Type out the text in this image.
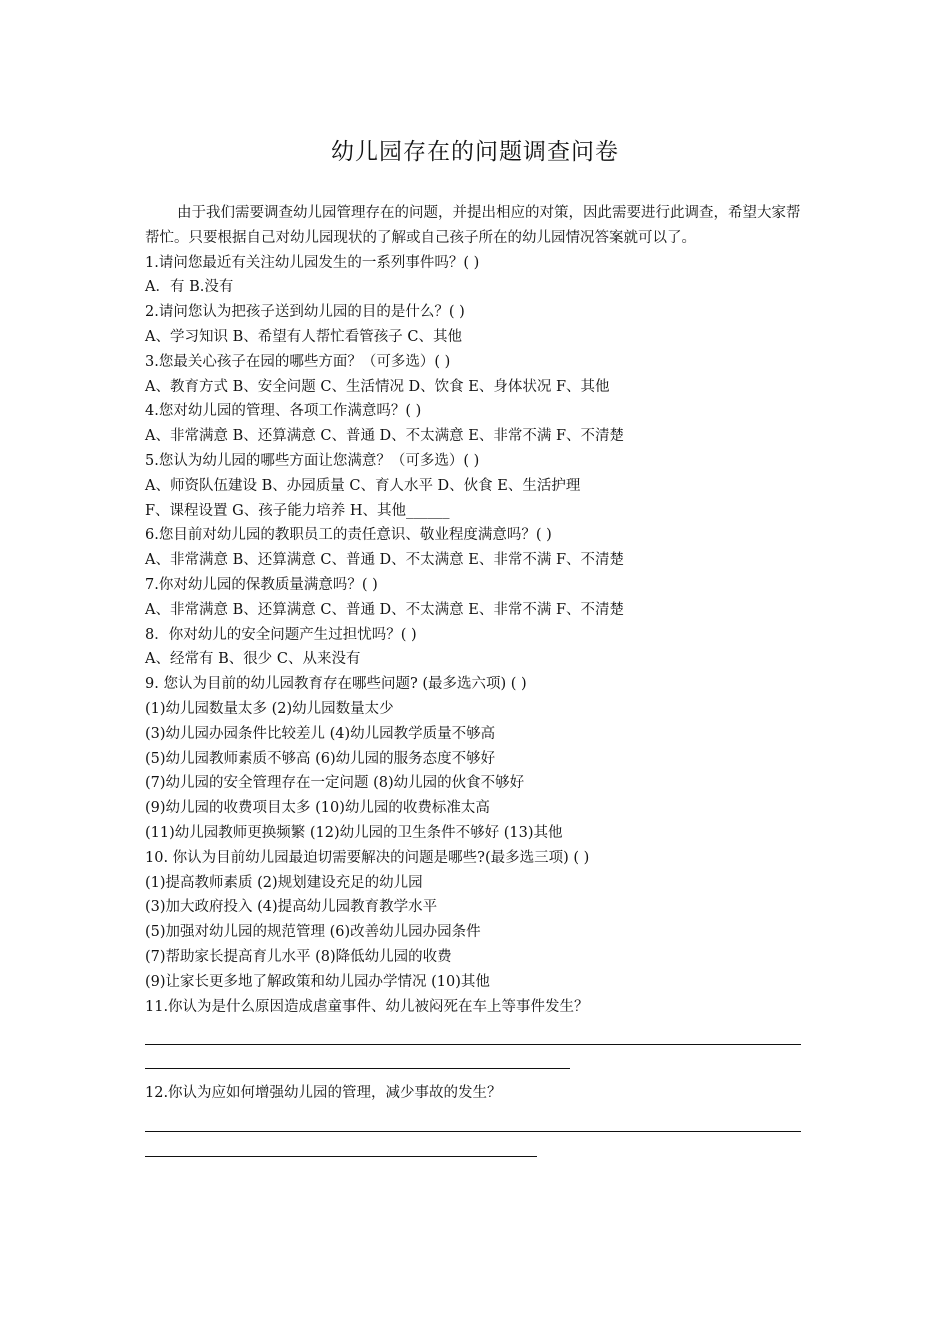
幼儿园存在的问题调查问卷

由于我们需要调查幼儿园管理存在的问题，并提出相应的对策，因此需要进行此调查，希望大家帮帮忙。只要根据自己对幼儿园现状的了解或自己孩子所在的幼儿园情况答案就可以了。

1.请问您最近有关注幼儿园发生的一系列事件吗？( )

A．有 B.没有

2.请问您认为把孩子送到幼儿园的目的是什么？( )

A、学习知识 B、希望有人帮忙看管孩子 C、其他

3.您最关心孩子在园的哪些方面？（可多选）( )

A、教育方式 B、安全问题 C、生活情况 D、饮食 E、身体状况 F、其他

4.您对幼儿园的管理、各项工作满意吗？( )

A、非常满意 B、还算满意 C、普通 D、不太满意 E、非常不满 F、不清楚

5.您认为幼儿园的哪些方面让您满意？（可多选）( )

A、师资队伍建设 B、办园质量 C、育人水平 D、伙食 E、生活护理

F、课程设置 G、孩子能力培养 H、其他______

6.您目前对幼儿园的教职员工的责任意识、敬业程度满意吗？( )

A、非常满意 B、还算满意 C、普通 D、不太满意 E、非常不满 F、不清楚

7.你对幼儿园的保教质量满意吗？( )

A、非常满意 B、还算满意 C、普通 D、不太满意 E、非常不满 F、不清楚

8．你对幼儿的安全问题产生过担忧吗？( )

A、经常有 B、很少 C、从来没有

9. 您认为目前的幼儿园教育存在哪些问题? (最多选六项) ( )

(1)幼儿园数量太多 (2)幼儿园数量太少

(3)幼儿园办园条件比较差儿 (4)幼儿园教学质量不够高

(5)幼儿园教师素质不够高 (6)幼儿园的服务态度不够好

(7)幼儿园的安全管理存在一定问题 (8)幼儿园的伙食不够好

(9)幼儿园的收费项目太多 (10)幼儿园的收费标准太高

(11)幼儿园教师更换频繁 (12)幼儿园的卫生条件不够好 (13)其他

10. 你认为目前幼儿园最迫切需要解决的问题是哪些?(最多选三项) ( )

(1)提高教师素质 (2)规划建设充足的幼儿园

(3)加大政府投入 (4)提高幼儿园教育教学水平

(5)加强对幼儿园的规范管理 (6)改善幼儿园办园条件

(7)帮助家长提高育儿水平 (8)降低幼儿园的收费

(9)让家长更多地了解政策和幼儿园办学情况 (10)其他

11.你认为是什么原因造成虐童事件、幼儿被闷死在车上等事件发生？

12.你认为应如何增强幼儿园的管理，减少事故的发生？
